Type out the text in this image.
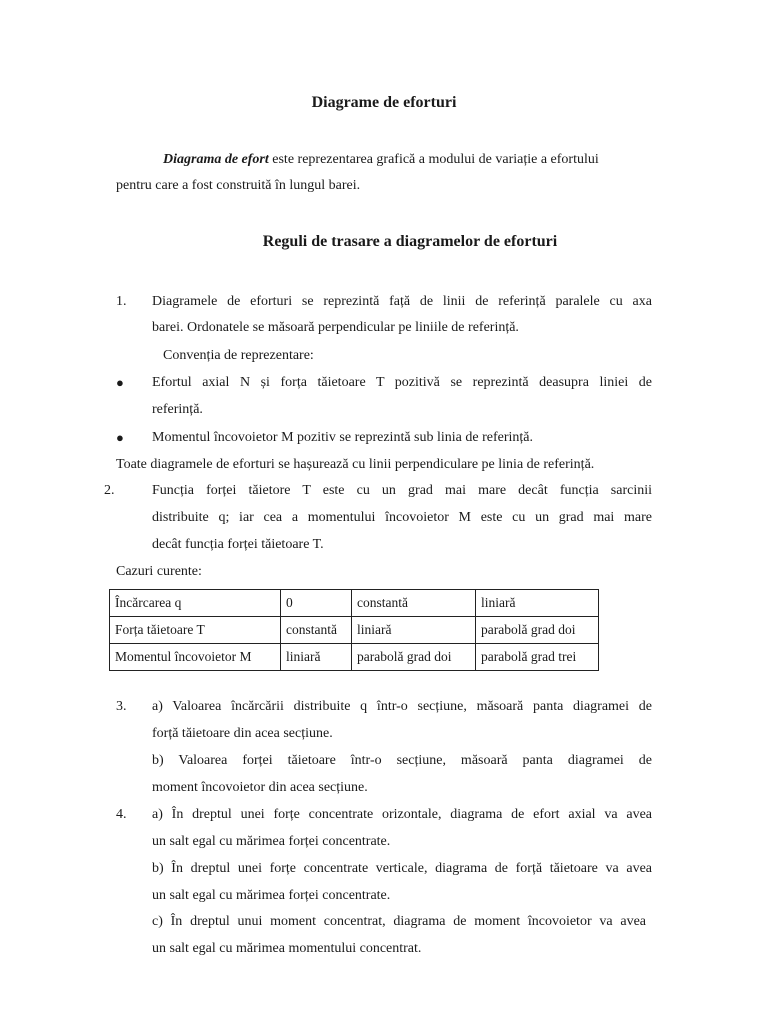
Diagrame de eforturi
Diagrama de efort este reprezentarea grafică a modului de variație a efortului
pentru care a fost construită în lungul barei.
Reguli de trasare a diagramelor de eforturi
1. Diagramele de eforturi se reprezintă față de linii de referință paralele cu axa
barei. Ordonatele se măsoară perpendicular pe liniile de referință.
Convenția de reprezentare:
● Efortul axial N și forța tăietoare T pozitivă se reprezintă deasupra liniei de
referință.
● Momentul încovoietor M pozitiv se reprezintă sub linia de referință.
Toate diagramele de eforturi se hașurează cu linii perpendiculare pe linia de referință.
2.	Funcția forței tăietore T este cu un grad mai mare decât funcția sarcinii
distribuite q; iar cea a momentului încovoietor M este cu un grad mai mare
decât funcția forței tăietoare T.
Cazuri curente:
Încărcarea q	0	constantă	liniară
Forța tăietoare T	constantă	liniară	parabolă grad doi
Momentul încovoietor M	liniară	parabolă grad doi	parabolă grad trei
3. a) Valoarea încărcării distribuite q într-o secțiune, măsoară panta diagramei de
forță tăietoare din acea secțiune.
b) Valoarea forței tăietoare într-o secțiune, măsoară panta diagramei de
moment încovoietor din acea secțiune.
4. a) În dreptul unei forțe concentrate orizontale, diagrama de efort axial va avea
un salt egal cu mărimea forței concentrate.
b) În dreptul unei forțe concentrate verticale, diagrama de forță tăietoare va avea
un salt egal cu mărimea forței concentrate.
c) În dreptul unui moment concentrat, diagrama de moment încovoietor va avea
un salt egal cu mărimea momentului concentrat.
